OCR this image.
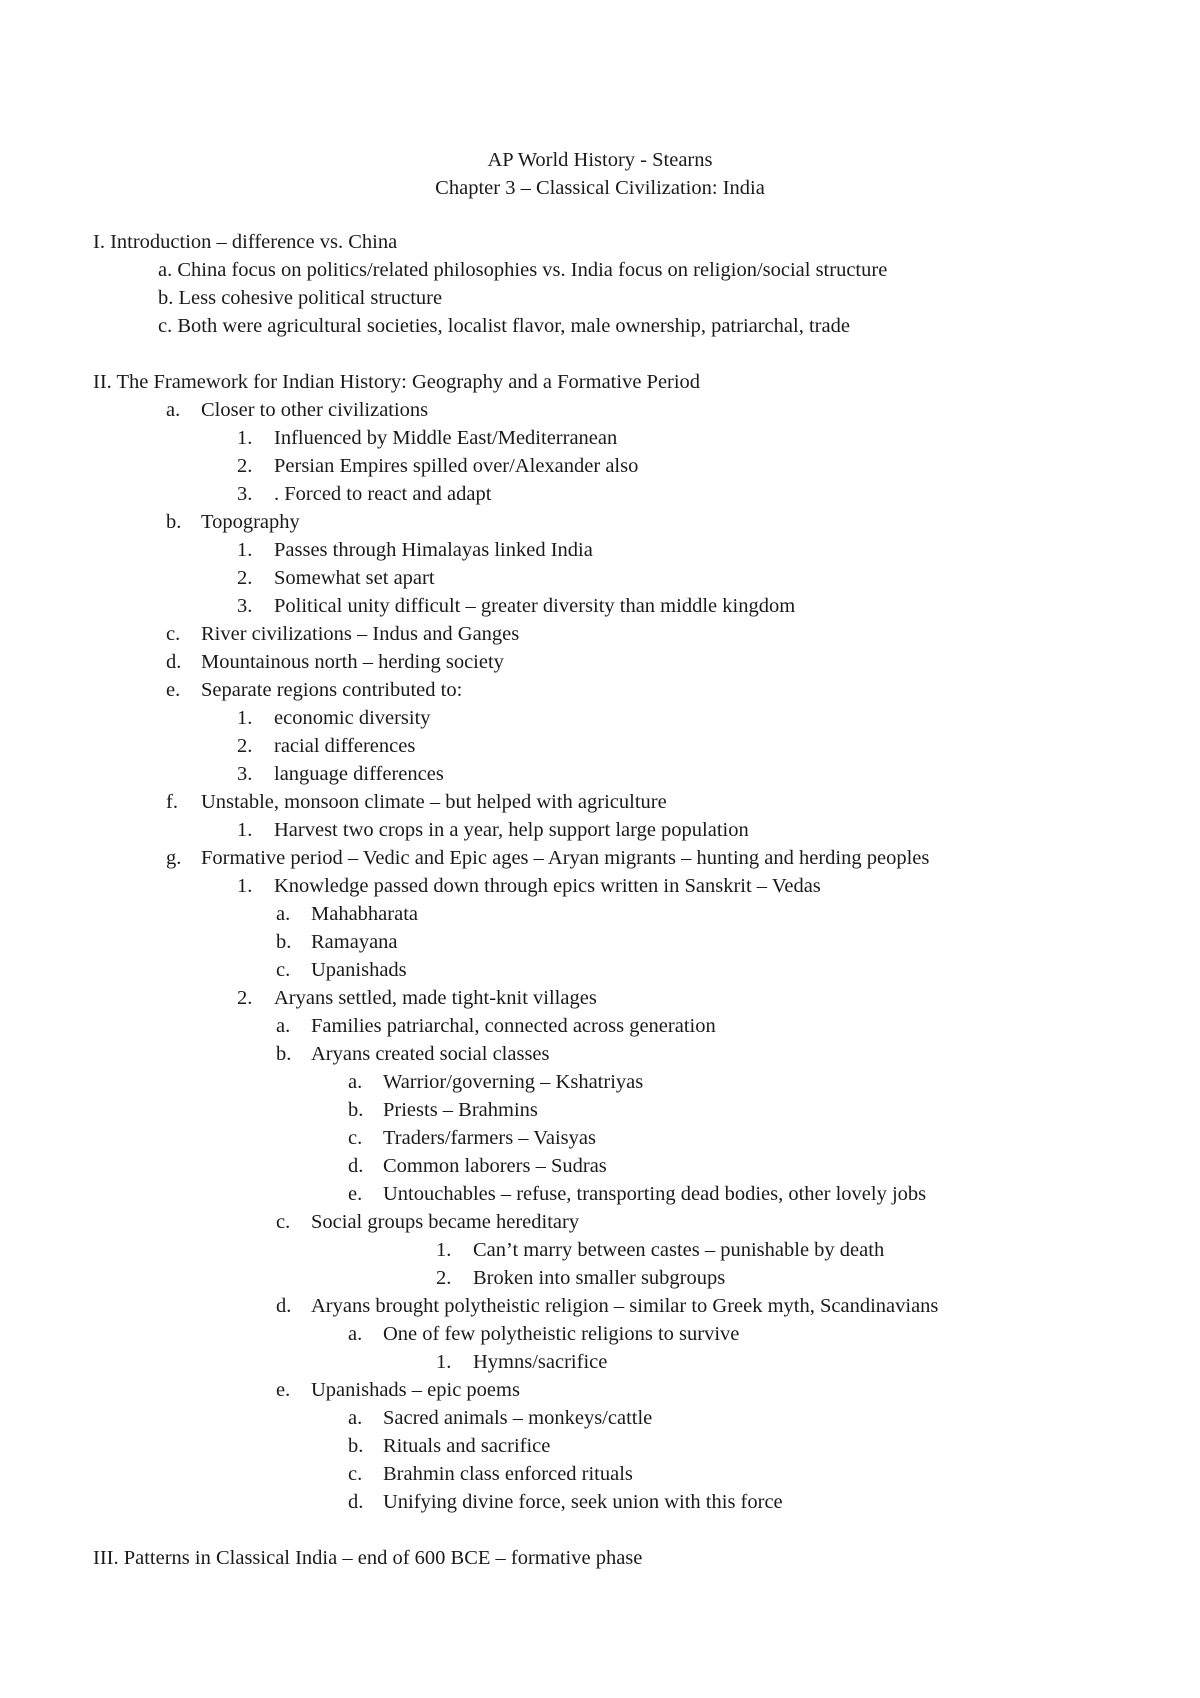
AP World History - Stearns
Chapter 3 – Classical Civilization: India
I. Introduction – difference vs. China
a. China focus on politics/related philosophies vs. India focus on religion/social structure
b. Less cohesive political structure
c. Both were agricultural societies, localist flavor, male ownership, patriarchal, trade
II. The Framework for Indian History: Geography and a Formative Period
a. Closer to other civilizations
1. Influenced by Middle East/Mediterranean
2. Persian Empires spilled over/Alexander also
3. . Forced to react and adapt
b. Topography
1. Passes through Himalayas linked India
2. Somewhat set apart
3. Political unity difficult – greater diversity than middle kingdom
c. River civilizations – Indus and Ganges
d. Mountainous north – herding society
e. Separate regions contributed to:
1. economic diversity
2. racial differences
3. language differences
f. Unstable, monsoon climate – but helped with agriculture
1. Harvest two crops in a year, help support large population
g. Formative period – Vedic and Epic ages – Aryan migrants – hunting and herding peoples
1. Knowledge passed down through epics written in Sanskrit – Vedas
a. Mahabharata
b. Ramayana
c. Upanishads
2. Aryans settled, made tight-knit villages
a. Families patriarchal, connected across generation
b. Aryans created social classes
a. Warrior/governing – Kshatriyas
b. Priests – Brahmins
c. Traders/farmers – Vaisyas
d. Common laborers – Sudras
e. Untouchables – refuse, transporting dead bodies, other lovely jobs
c. Social groups became hereditary
1. Can’t marry between castes – punishable by death
2. Broken into smaller subgroups
d. Aryans brought polytheistic religion – similar to Greek myth, Scandinavians
a. One of few polytheistic religions to survive
1. Hymns/sacrifice
e. Upanishads – epic poems
a. Sacred animals – monkeys/cattle
b. Rituals and sacrifice
c. Brahmin class enforced rituals
d. Unifying divine force, seek union with this force
III. Patterns in Classical India – end of 600 BCE – formative phase
